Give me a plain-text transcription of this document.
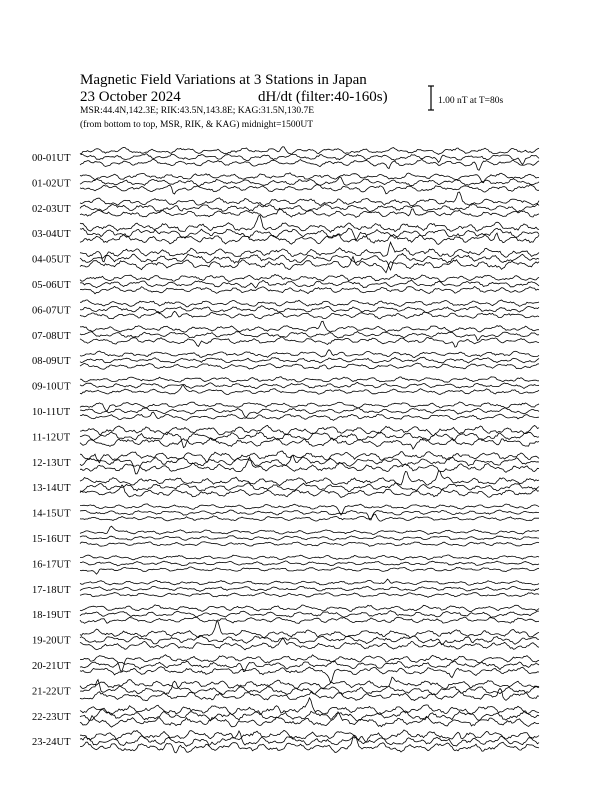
Magnetic Field Variations at 3 Stations in Japan
23 October 2024	dH/dt (filter:40-160s)
MSR:44.4N,142.3E; RIK:43.5N,143.8E; KAG:31.5N,130.7E
(from bottom to top, MSR, RIK, & KAG) midnight=1500UT
1.00 nT at T=80s
00-01UT
01-02UT
02-03UT
03-04UT
04-05UT
05-06UT
06-07UT
07-08UT
08-09UT
09-10UT
10-11UT
11-12UT
12-13UT
13-14UT
14-15UT
15-16UT
16-17UT
17-18UT
18-19UT
19-20UT
20-21UT
21-22UT
22-23UT
23-24UT
